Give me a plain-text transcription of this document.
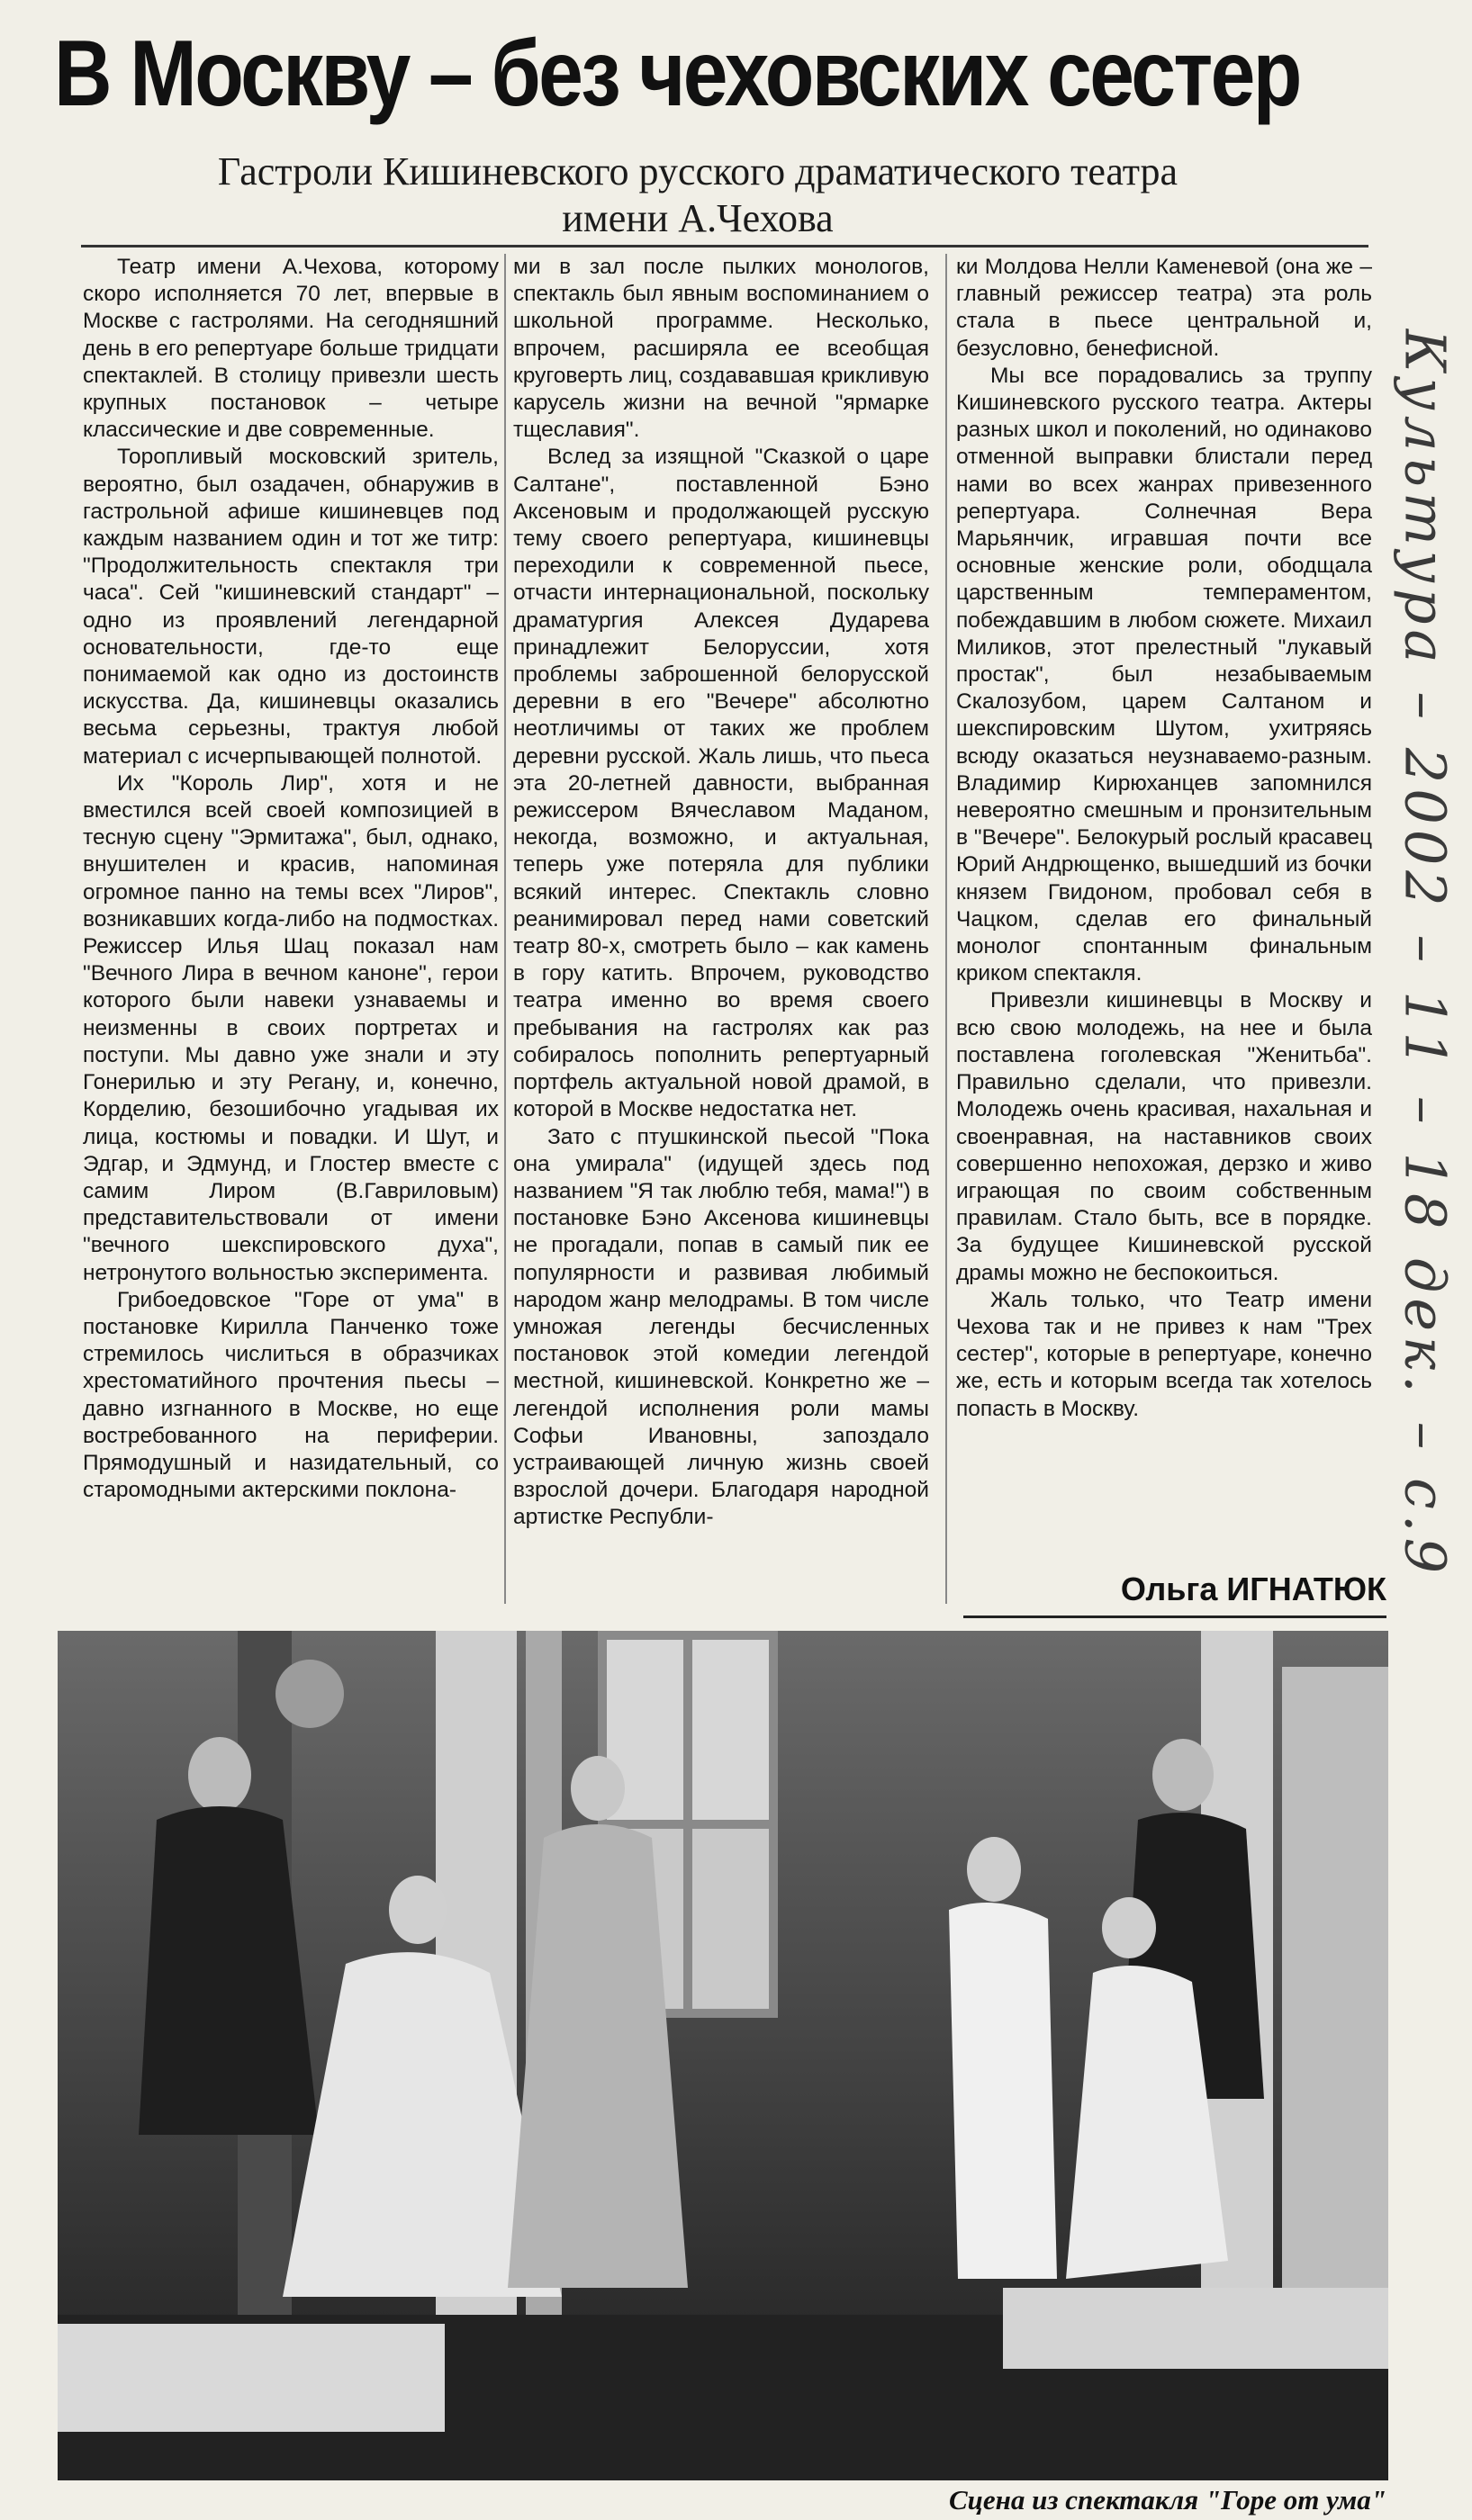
В Москву – без чеховских сестер
Гастроли Кишиневского русского драматического театра
имени А.Чехова

Театр имени А.Чехова, которому скоро исполняется 70 лет, впервые в Москве с гастролями. На сегодняшний день в его репертуаре больше тридцати спектаклей. В столицу привезли шесть крупных постановок – четыре классические и две современные.

Торопливый московский зритель, вероятно, был озадачен, обнаружив в гастрольной афише кишиневцев под каждым названием один и тот же титр: "Продолжительность спектакля три часа". Сей "кишиневский стандарт" – одно из проявлений легендарной основательности, где-то еще понимаемой как одно из достоинств искусства. Да, кишиневцы оказались весьма серьезны, трактуя любой материал с исчерпывающей полнотой.

Их "Король Лир", хотя и не вместился всей своей композицией в тесную сцену "Эрмитажа", был, однако, внушителен и красив, напоминая огромное панно на темы всех "Лиров", возникавших когда-либо на подмостках. Режиссер Илья Шац показал нам "Вечного Лира в вечном каноне", герои которого были навеки узнаваемы и неизменны в своих портретах и поступи. Мы давно уже знали и эту Гонерилью и эту Регану, и, конечно, Корделию, безошибочно угадывая их лица, костюмы и повадки. И Шут, и Эдгар, и Эдмунд, и Глостер вместе с самим Лиром (В.Гавриловым) представительствовали от имени "вечного шекспировского духа", нетронутого вольностью эксперимента.

Грибоедовское "Горе от ума" в постановке Кирилла Панченко тоже стремилось числиться в образчиках хрестоматийного прочтения пьесы – давно изгнанного в Москве, но еще востребованного на периферии. Прямодушный и назидательный, со старомодными актерскими поклона-

ми в зал после пылких монологов, спектакль был явным воспоминанием о школьной программе. Несколько, впрочем, расширяла ее всеобщая круговерть лиц, создававшая крикливую карусель жизни на вечной "ярмарке тщеславия".

Вслед за изящной "Сказкой о царе Салтане", поставленной Бэно Аксеновым и продолжающей русскую тему своего репертуара, кишиневцы переходили к современной пьесе, отчасти интернациональной, поскольку драматургия Алексея Дударева принадлежит Белоруссии, хотя проблемы заброшенной белорусской деревни в его "Вечере" абсолютно неотличимы от таких же проблем деревни русской. Жаль лишь, что пьеса эта 20-летней давности, выбранная режиссером Вячеславом Маданом, некогда, возможно, и актуальная, теперь уже потеряла для публики всякий интерес. Спектакль словно реанимировал перед нами советский театр 80-х, смотреть было – как камень в гору катить. Впрочем, руководство театра именно во время своего пребывания на гастролях как раз собиралось пополнить репертуарный портфель актуальной новой драмой, в которой в Москве недостатка нет.

Зато с птушкинской пьесой "Пока она умирала" (идущей здесь под названием "Я так люблю тебя, мама!") в постановке Бэно Аксенова кишиневцы не прогадали, попав в самый пик ее популярности и развивая любимый народом жанр мелодрамы. В том числе умножая легенды бесчисленных постановок этой комедии легендой местной, кишиневской. Конкретно же – легендой исполнения роли мамы Софьи Ивановны, запоздало устраивающей личную жизнь своей взрослой дочери. Благодаря народной артистке Республи-

ки Молдова Нелли Каменевой (она же – главный режиссер театра) эта роль стала в пьесе центральной и, безусловно, бенефисной.

Мы все порадовались за труппу Кишиневского русского театра. Актеры разных школ и поколений, но одинаково отменной выправки блистали перед нами во всех жанрах привезенного репертуара. Солнечная Вера Марьянчик, игравшая почти все основные женские роли, ободщала царственным темпераментом, побеждавшим в любом сюжете. Михаил Миликов, этот прелестный "лукавый простак", был незабываемым Скалозубом, царем Салтаном и шекспировским Шутом, ухитряясь всюду оказаться неузнаваемо-разным. Владимир Кирюханцев запомнился невероятно смешным и пронзительным в "Вечере". Белокурый рослый красавец Юрий Андрющенко, вышедший из бочки князем Гвидоном, пробовал себя в Чацком, сделав его финальный монолог спонтанным финальным криком спектакля.

Привезли кишиневцы в Москву и всю свою молодежь, на нее и была поставлена гоголевская "Женитьба". Правильно сделали, что привезли. Молодежь очень красивая, нахальная и своенравная, на наставников своих совершенно непохожая, дерзко и живо играющая по своим собственным правилам. Стало быть, все в порядке. За будущее Кишиневской русской драмы можно не беспокоиться.

Жаль только, что Театр имени Чехова так и не привез к нам "Трех сестер", которые в репертуаре, конечно же, есть и которым всегда так хотелось попасть в Москву.

Ольга ИГНАТЮК
Сцена из спектакля "Горе от ума"
Культура – 2002 – 11 – 18 дек. – с.9
